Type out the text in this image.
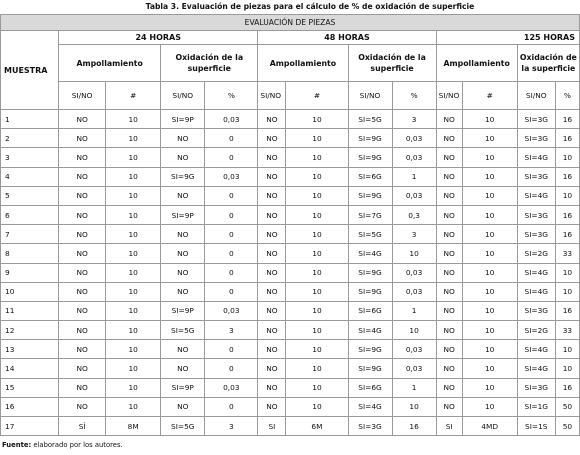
Tabla 3. Evaluación de piezas para el cálculo de % de oxidación de superficie
EVALUACIÓN DE PIEZAS												
MUESTRA	24 HORAS				48 HORAS				125 HORAS			
	Ampollamiento		Oxidación de la superficie		Ampollamiento		Oxidación de la superficie		Ampollamiento		Oxidación de la superficie	
	SI/NO	#	SI/NO	%	SI/NO	#	SI/NO	%	SI/NO	#	SI/NO	%
1	NO	10	SI=9P	0,03	NO	10	SI=5G	3	NO	10	SI=3G	16
2	NO	10	NO	0	NO	10	SI=9G	0,03	NO	10	SI=3G	16
3	NO	10	NO	0	NO	10	SI=9G	0,03	NO	10	SI=4G	10
4	NO	10	SI=9G	0,03	NO	10	SI=6G	1	NO	10	SI=3G	16
5	NO	10	NO	0	NO	10	SI=9G	0,03	NO	10	SI=4G	10
6	NO	10	SI=9P	0	NO	10	SI=7G	0,3	NO	10	SI=3G	16
7	NO	10	NO	0	NO	10	SI=5G	3	NO	10	SI=3G	16
8	NO	10	NO	0	NO	10	SI=4G	10	NO	10	SI=2G	33
9	NO	10	NO	0	NO	10	SI=9G	0,03	NO	10	SI=4G	10
10	NO	10	NO	0	NO	10	SI=9G	0,03	NO	10	SI=4G	10
11	NO	10	SI=9P	0,03	NO	10	SI=6G	1	NO	10	SI=3G	16
12	NO	10	SI=5G	3	NO	10	SI=4G	10	NO	10	SI=2G	33
13	NO	10	NO	0	NO	10	SI=9G	0,03	NO	10	SI=4G	10
14	NO	10	NO	0	NO	10	SI=9G	0,03	NO	10	SI=4G	10
15	NO	10	SI=9P	0,03	NO	10	SI=6G	1	NO	10	SI=3G	16
16	NO	10	NO	0	NO	10	SI=4G	10	NO	10	SI=1G	50
17	SÍ	8M	SI=5G	3	SI	6M	SI=3G	16	SI	4MD	SI=1S	50
Fuente: elaborado por los autores.
